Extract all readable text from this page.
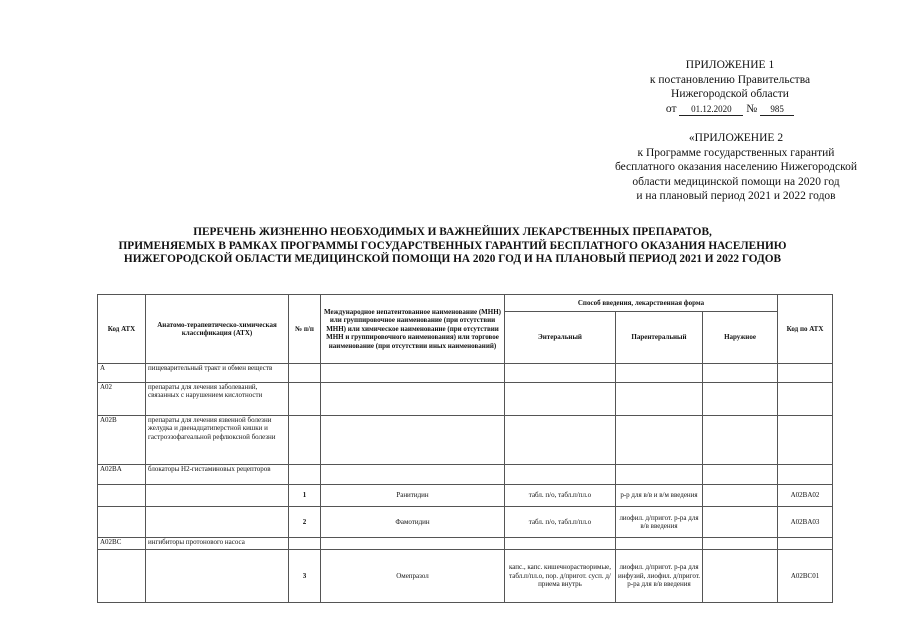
ПРИЛОЖЕНИЕ 1
к постановлению Правительства
Нижегородской области
от 01.12.2020 № 985
«ПРИЛОЖЕНИЕ 2
к Программе государственных гарантий
бесплатного оказания населению Нижегородской
области медицинской помощи на 2020 год
и на плановый период 2021 и 2022 годов
ПЕРЕЧЕНЬ ЖИЗНЕННО НЕОБХОДИМЫХ И ВАЖНЕЙШИХ ЛЕКАРСТВЕННЫХ ПРЕПАРАТОВ,
ПРИМЕНЯЕМЫХ В РАМКАХ ПРОГРАММЫ ГОСУДАРСТВЕННЫХ ГАРАНТИЙ БЕСПЛАТНОГО ОКАЗАНИЯ НАСЕЛЕНИЮ
НИЖЕГОРОДСКОЙ ОБЛАСТИ МЕДИЦИНСКОЙ ПОМОЩИ НА 2020 ГОД И НА ПЛАНОВЫЙ ПЕРИОД 2021 И 2022 ГОДОВ
Код АТХ	Анатомо-терапевтическо-химическая классификация (АТХ)	№ п/п	Международное непатентованное наименование (МНН) или группировочное наименование (при отсутствии МНН) или химическое наименование (при отсутствии МНН и группировочного наименования) или торговое наименование (при отсутствии иных наименований)	Способ введения, лекарственная форма			Код по АТХ
				Энтеральный	Парентеральный	Наружное	
A	пищеварительный тракт и обмен веществ						
A02	препараты для лечения заболеваний, связанных с нарушением кислотности						
A02B	препараты для лечения язвенной болезни желудка и двенадцатиперстной кишки и гастроэзофагеальной рефлюксной болезни						
A02BA	блокаторы H2-гистаминовых рецепторов						
		1	Ранитидин	табл. п/о, табл.п/пл.о	р-р для в/в и в/м введения		A02BA02
		2	Фамотидин	табл. п/о, табл.п/пл.о	лиофил. д/пригот. р-ра для в/в введения		A02BA03
A02BC	ингибиторы протонового насоса						
		3	Омепразол	капс., капс. кишечнорастворимые, табл.п/пл.о, пор. д/пригот. сусп. д/приема внутрь	лиофил. д/пригот. р-ра для инфузий, лиофил. д/пригот. р-ра для в/в введения		A02BC01
